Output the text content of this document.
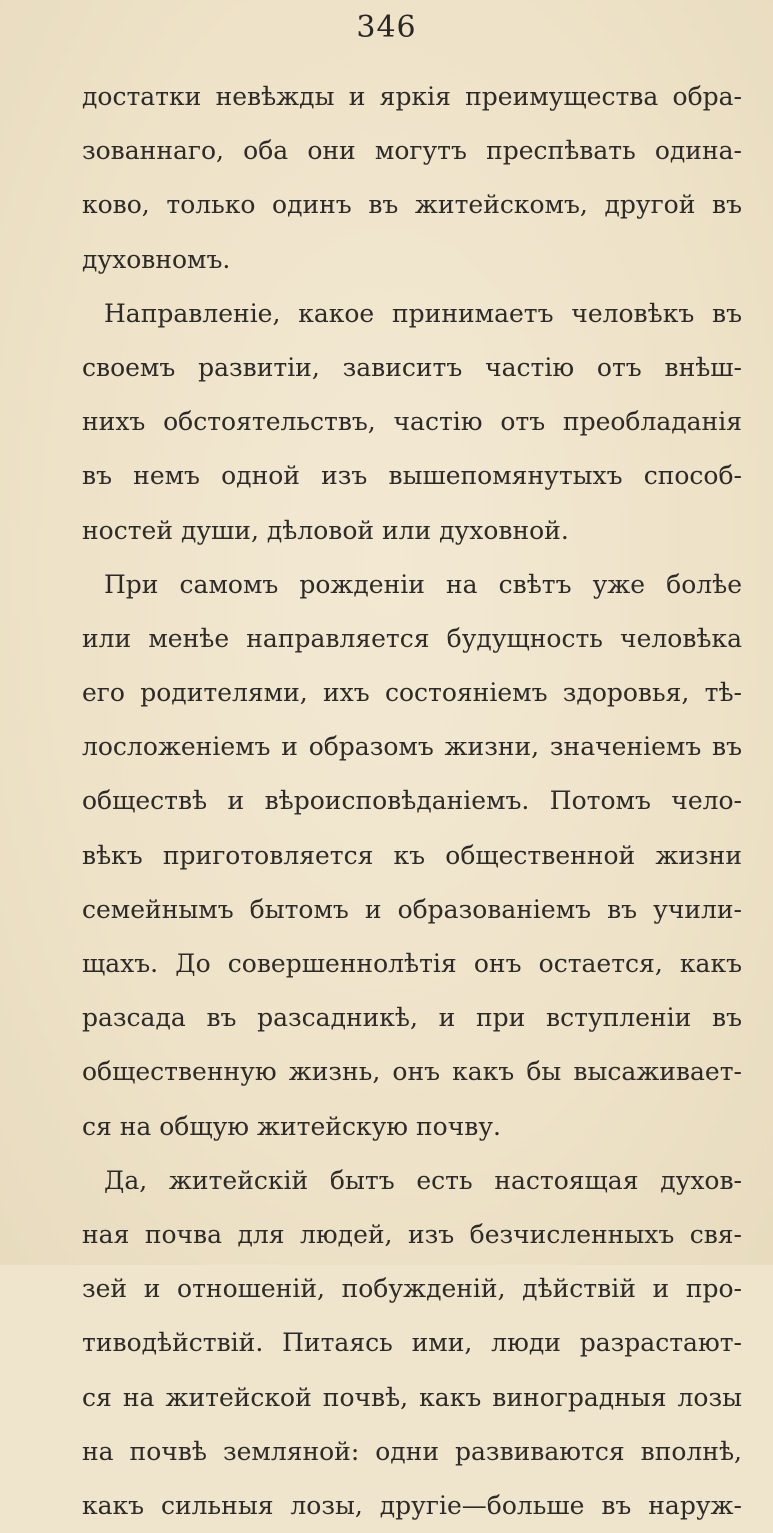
346
достатки невѣжды и яркія преимущества обра-
зованнаго, оба они могутъ преспѣвать одина-
ково, только одинъ въ житейскомъ, другой въ
духовномъ.
Направленіе, какое принимаетъ человѣкъ въ
своемъ развитіи, зависитъ частію отъ внѣш-
нихъ обстоятельствъ, частію отъ преобладанія
въ немъ одной изъ вышепомянутыхъ способ-
ностей души, дѣловой или духовной.
При самомъ рожденіи на свѣтъ уже болѣе
или менѣе направляется будущность человѣка
его родителями, ихъ состояніемъ здоровья, тѣ-
лосложеніемъ и образомъ жизни, значеніемъ въ
обществѣ и вѣроисповѣданіемъ. Потомъ чело-
вѣкъ приготовляется къ общественной жизни
семейнымъ бытомъ и образованіемъ въ учили-
щахъ. До совершеннолѣтія онъ остается, какъ
разсада въ разсадникѣ, и при вступленіи въ
общественную жизнь, онъ какъ бы высаживает-
ся на общую житейскую почву.
Да, житейскій бытъ есть настоящая духов-
ная почва для людей, изъ безчисленныхъ свя-
зей и отношеній, побужденій, дѣйствій и про-
тиводѣйствій. Питаясь ими, люди разрастают-
ся на житейской почвѣ, какъ виноградныя лозы
на почвѣ земляной: одни развиваются вполнѣ,
какъ сильныя лозы, другіе—больше въ наруж-
